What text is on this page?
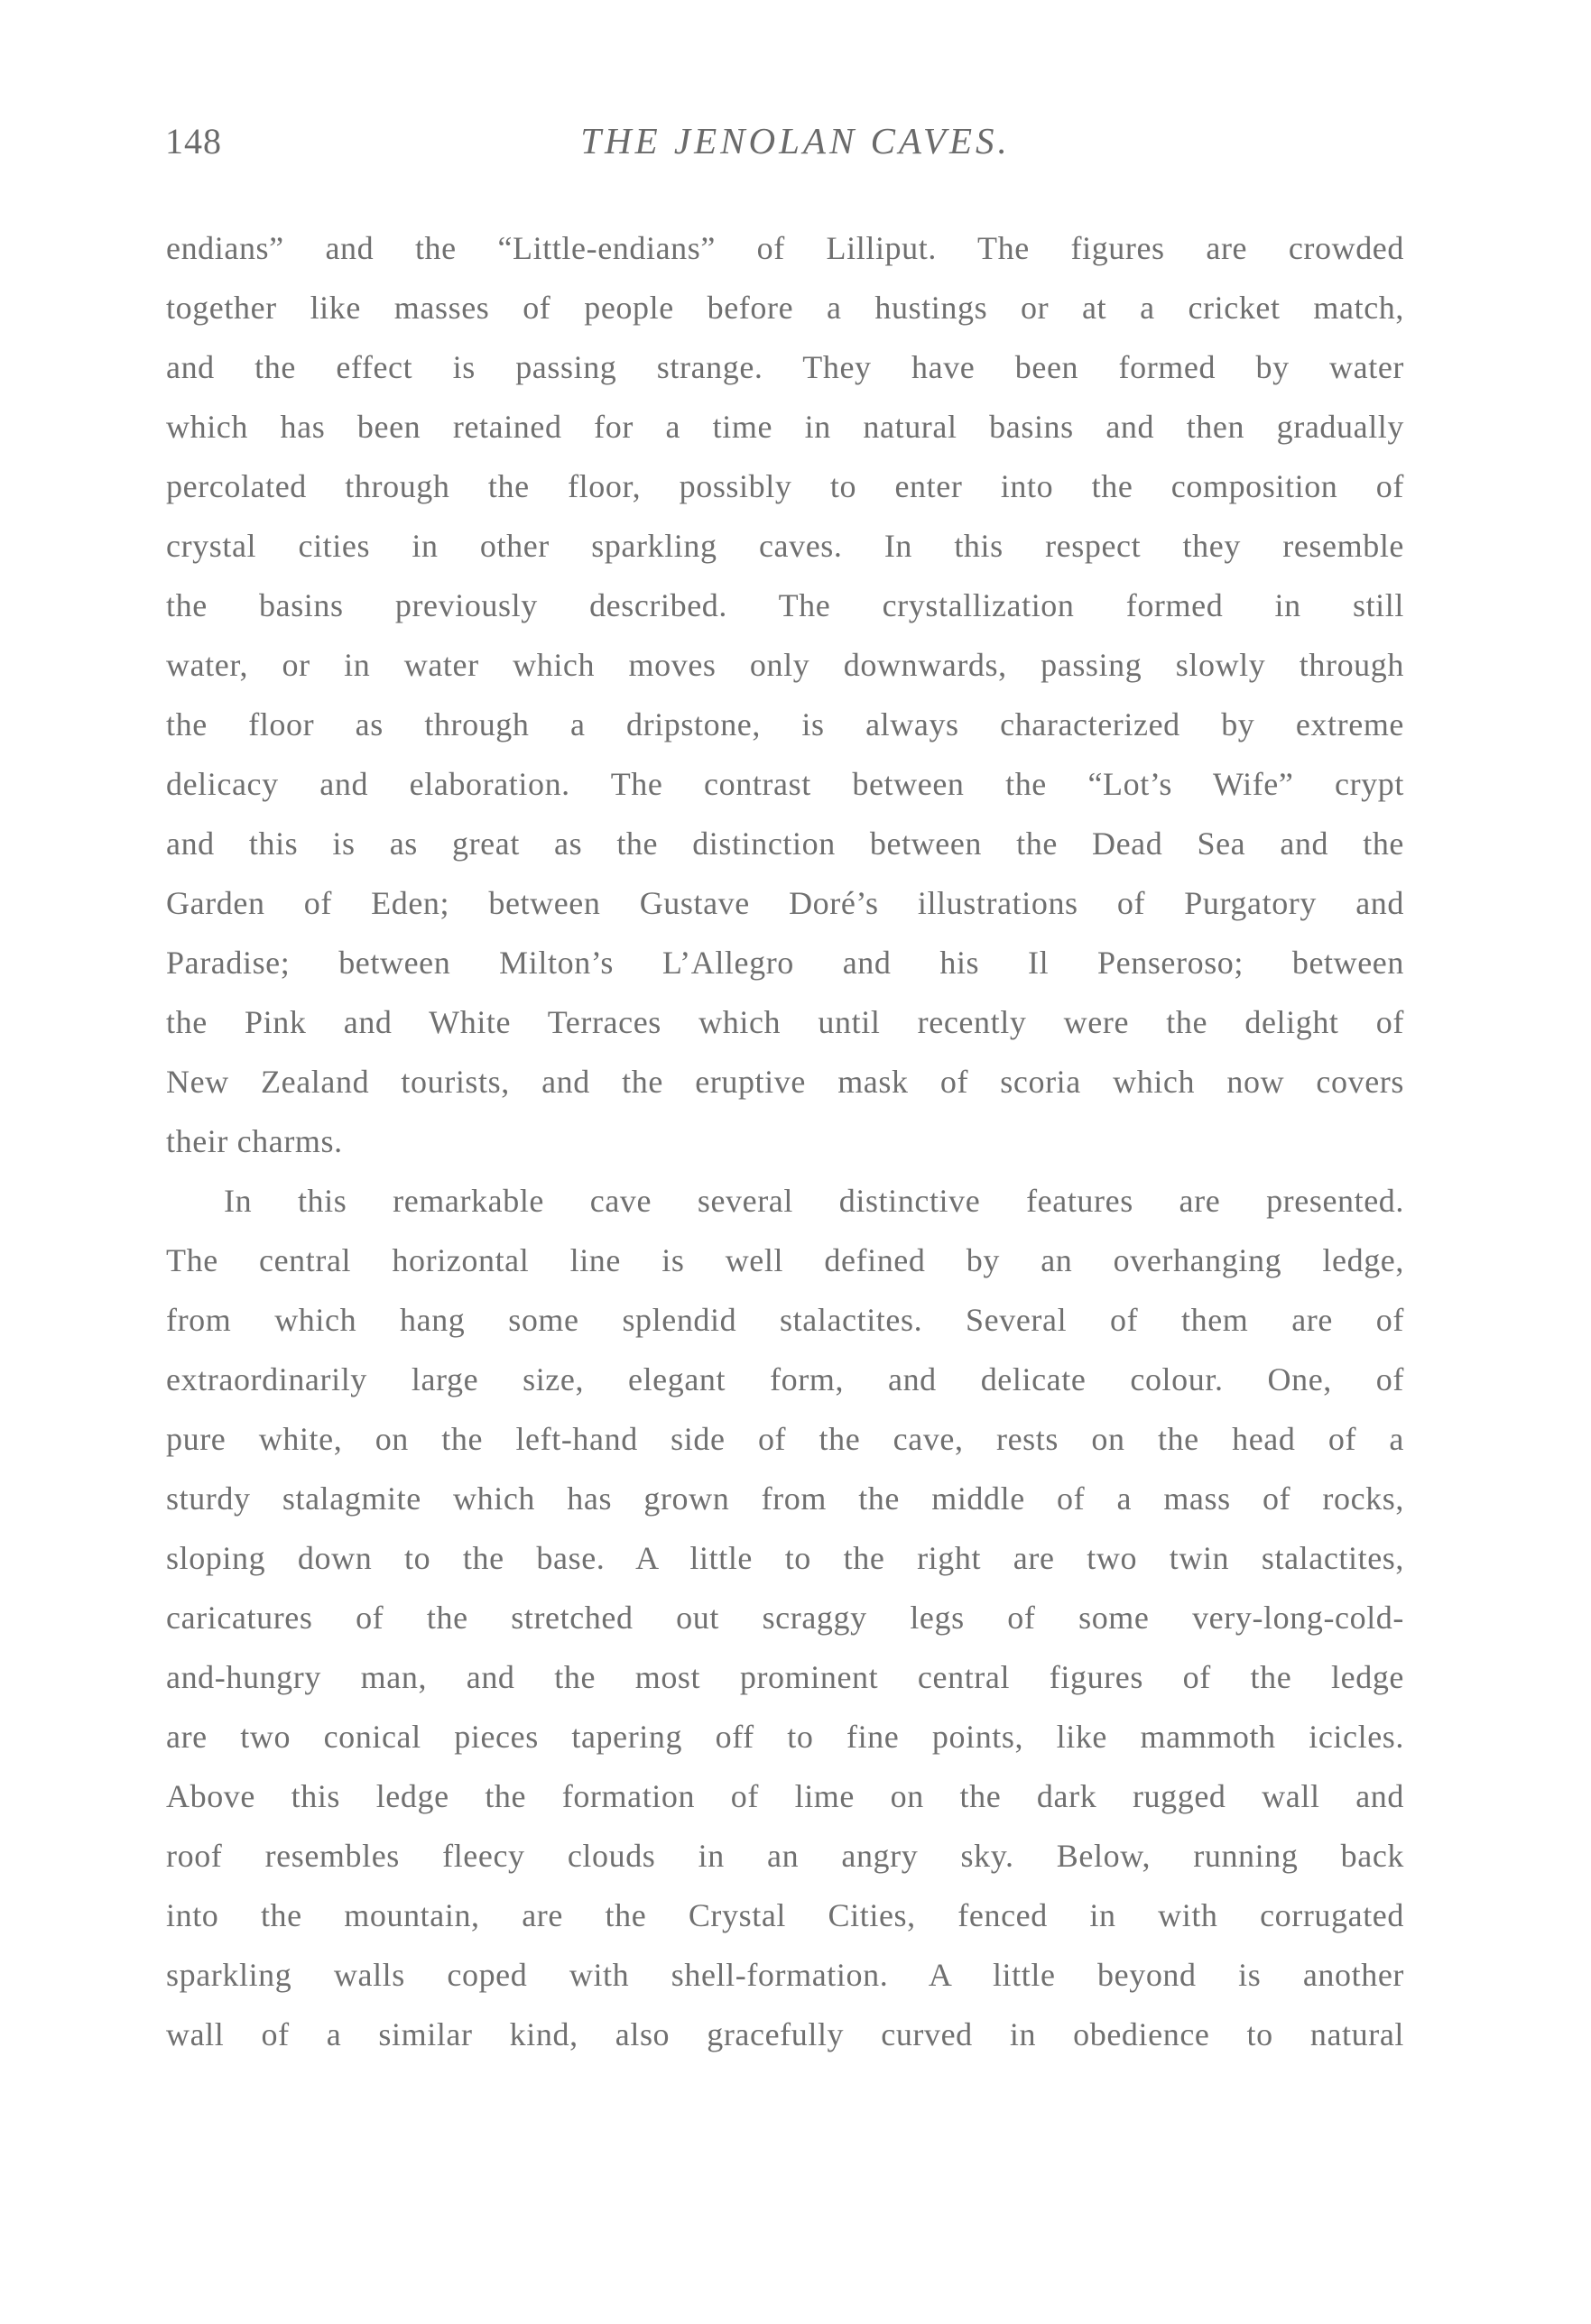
148	THE JENOLAN CAVES.
endians” and the “Little-endians” of Lilliput. The figures are crowded
together like masses of people before a hustings or at a cricket match,
and the effect is passing strange. They have been formed by water
which has been retained for a time in natural basins and then gradually
percolated through the floor, possibly to enter into the composition of
crystal cities in other sparkling caves. In this respect they resemble
the basins previously described. The crystallization formed in still
water, or in water which moves only downwards, passing slowly through
the floor as through a dripstone, is always characterized by extreme
delicacy and elaboration. The contrast between the “Lot’s Wife” crypt
and this is as great as the distinction between the Dead Sea and the
Garden of Eden; between Gustave Doré’s illustrations of Purgatory and
Paradise; between Milton’s L’Allegro and his Il Penseroso; between
the Pink and White Terraces which until recently were the delight of
New Zealand tourists, and the eruptive mask of scoria which now covers
their charms.
In this remarkable cave several distinctive features are presented.
The central horizontal line is well defined by an overhanging ledge,
from which hang some splendid stalactites. Several of them are of
extraordinarily large size, elegant form, and delicate colour. One, of
pure white, on the left-hand side of the cave, rests on the head of a
sturdy stalagmite which has grown from the middle of a mass of rocks,
sloping down to the base. A little to the right are two twin stalactites,
caricatures of the stretched out scraggy legs of some very-long-cold-
and-hungry man, and the most prominent central figures of the ledge
are two conical pieces tapering off to fine points, like mammoth icicles.
Above this ledge the formation of lime on the dark rugged wall and
roof resembles fleecy clouds in an angry sky. Below, running back
into the mountain, are the Crystal Cities, fenced in with corrugated
sparkling walls coped with shell-formation. A little beyond is another
wall of a similar kind, also gracefully curved in obedience to natural
